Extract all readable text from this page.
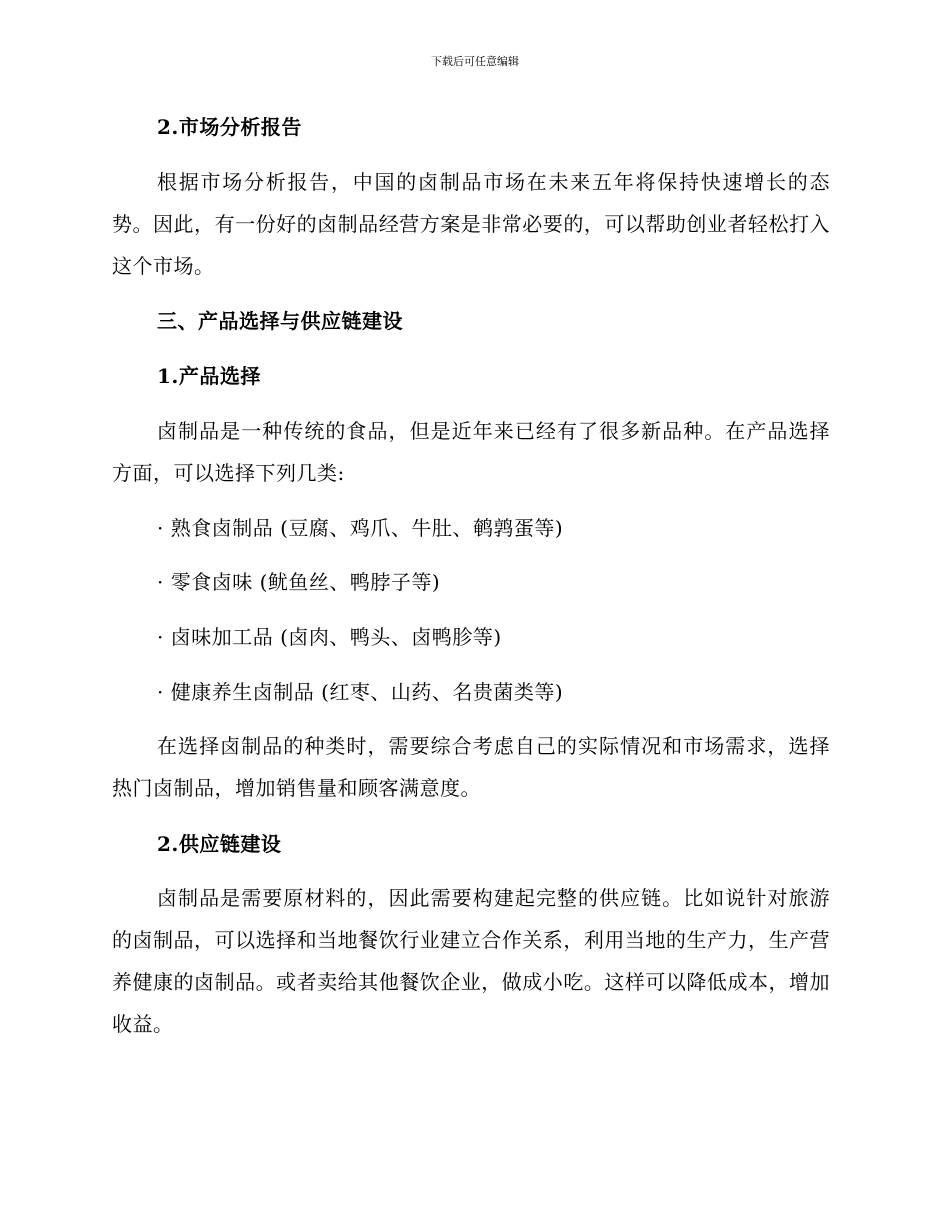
下载后可任意编辑
2.市场分析报告
根据市场分析报告，中国的卤制品市场在未来五年将保持快速增长的态势。因此，有一份好的卤制品经营方案是非常必要的，可以帮助创业者轻松打入这个市场。
三、产品选择与供应链建设
1.产品选择
卤制品是一种传统的食品，但是近年来已经有了很多新品种。在产品选择方面，可以选择下列几类:
· 熟食卤制品 (豆腐、鸡爪、牛肚、鹌鹑蛋等)
· 零食卤味 (鱿鱼丝、鸭脖子等)
· 卤味加工品 (卤肉、鸭头、卤鸭胗等)
· 健康养生卤制品 (红枣、山药、名贵菌类等)
在选择卤制品的种类时，需要综合考虑自己的实际情况和市场需求，选择热门卤制品，增加销售量和顾客满意度。
2.供应链建设
卤制品是需要原材料的，因此需要构建起完整的供应链。比如说针对旅游的卤制品，可以选择和当地餐饮行业建立合作关系，利用当地的生产力，生产营养健康的卤制品。或者卖给其他餐饮企业，做成小吃。这样可以降低成本，增加收益。
